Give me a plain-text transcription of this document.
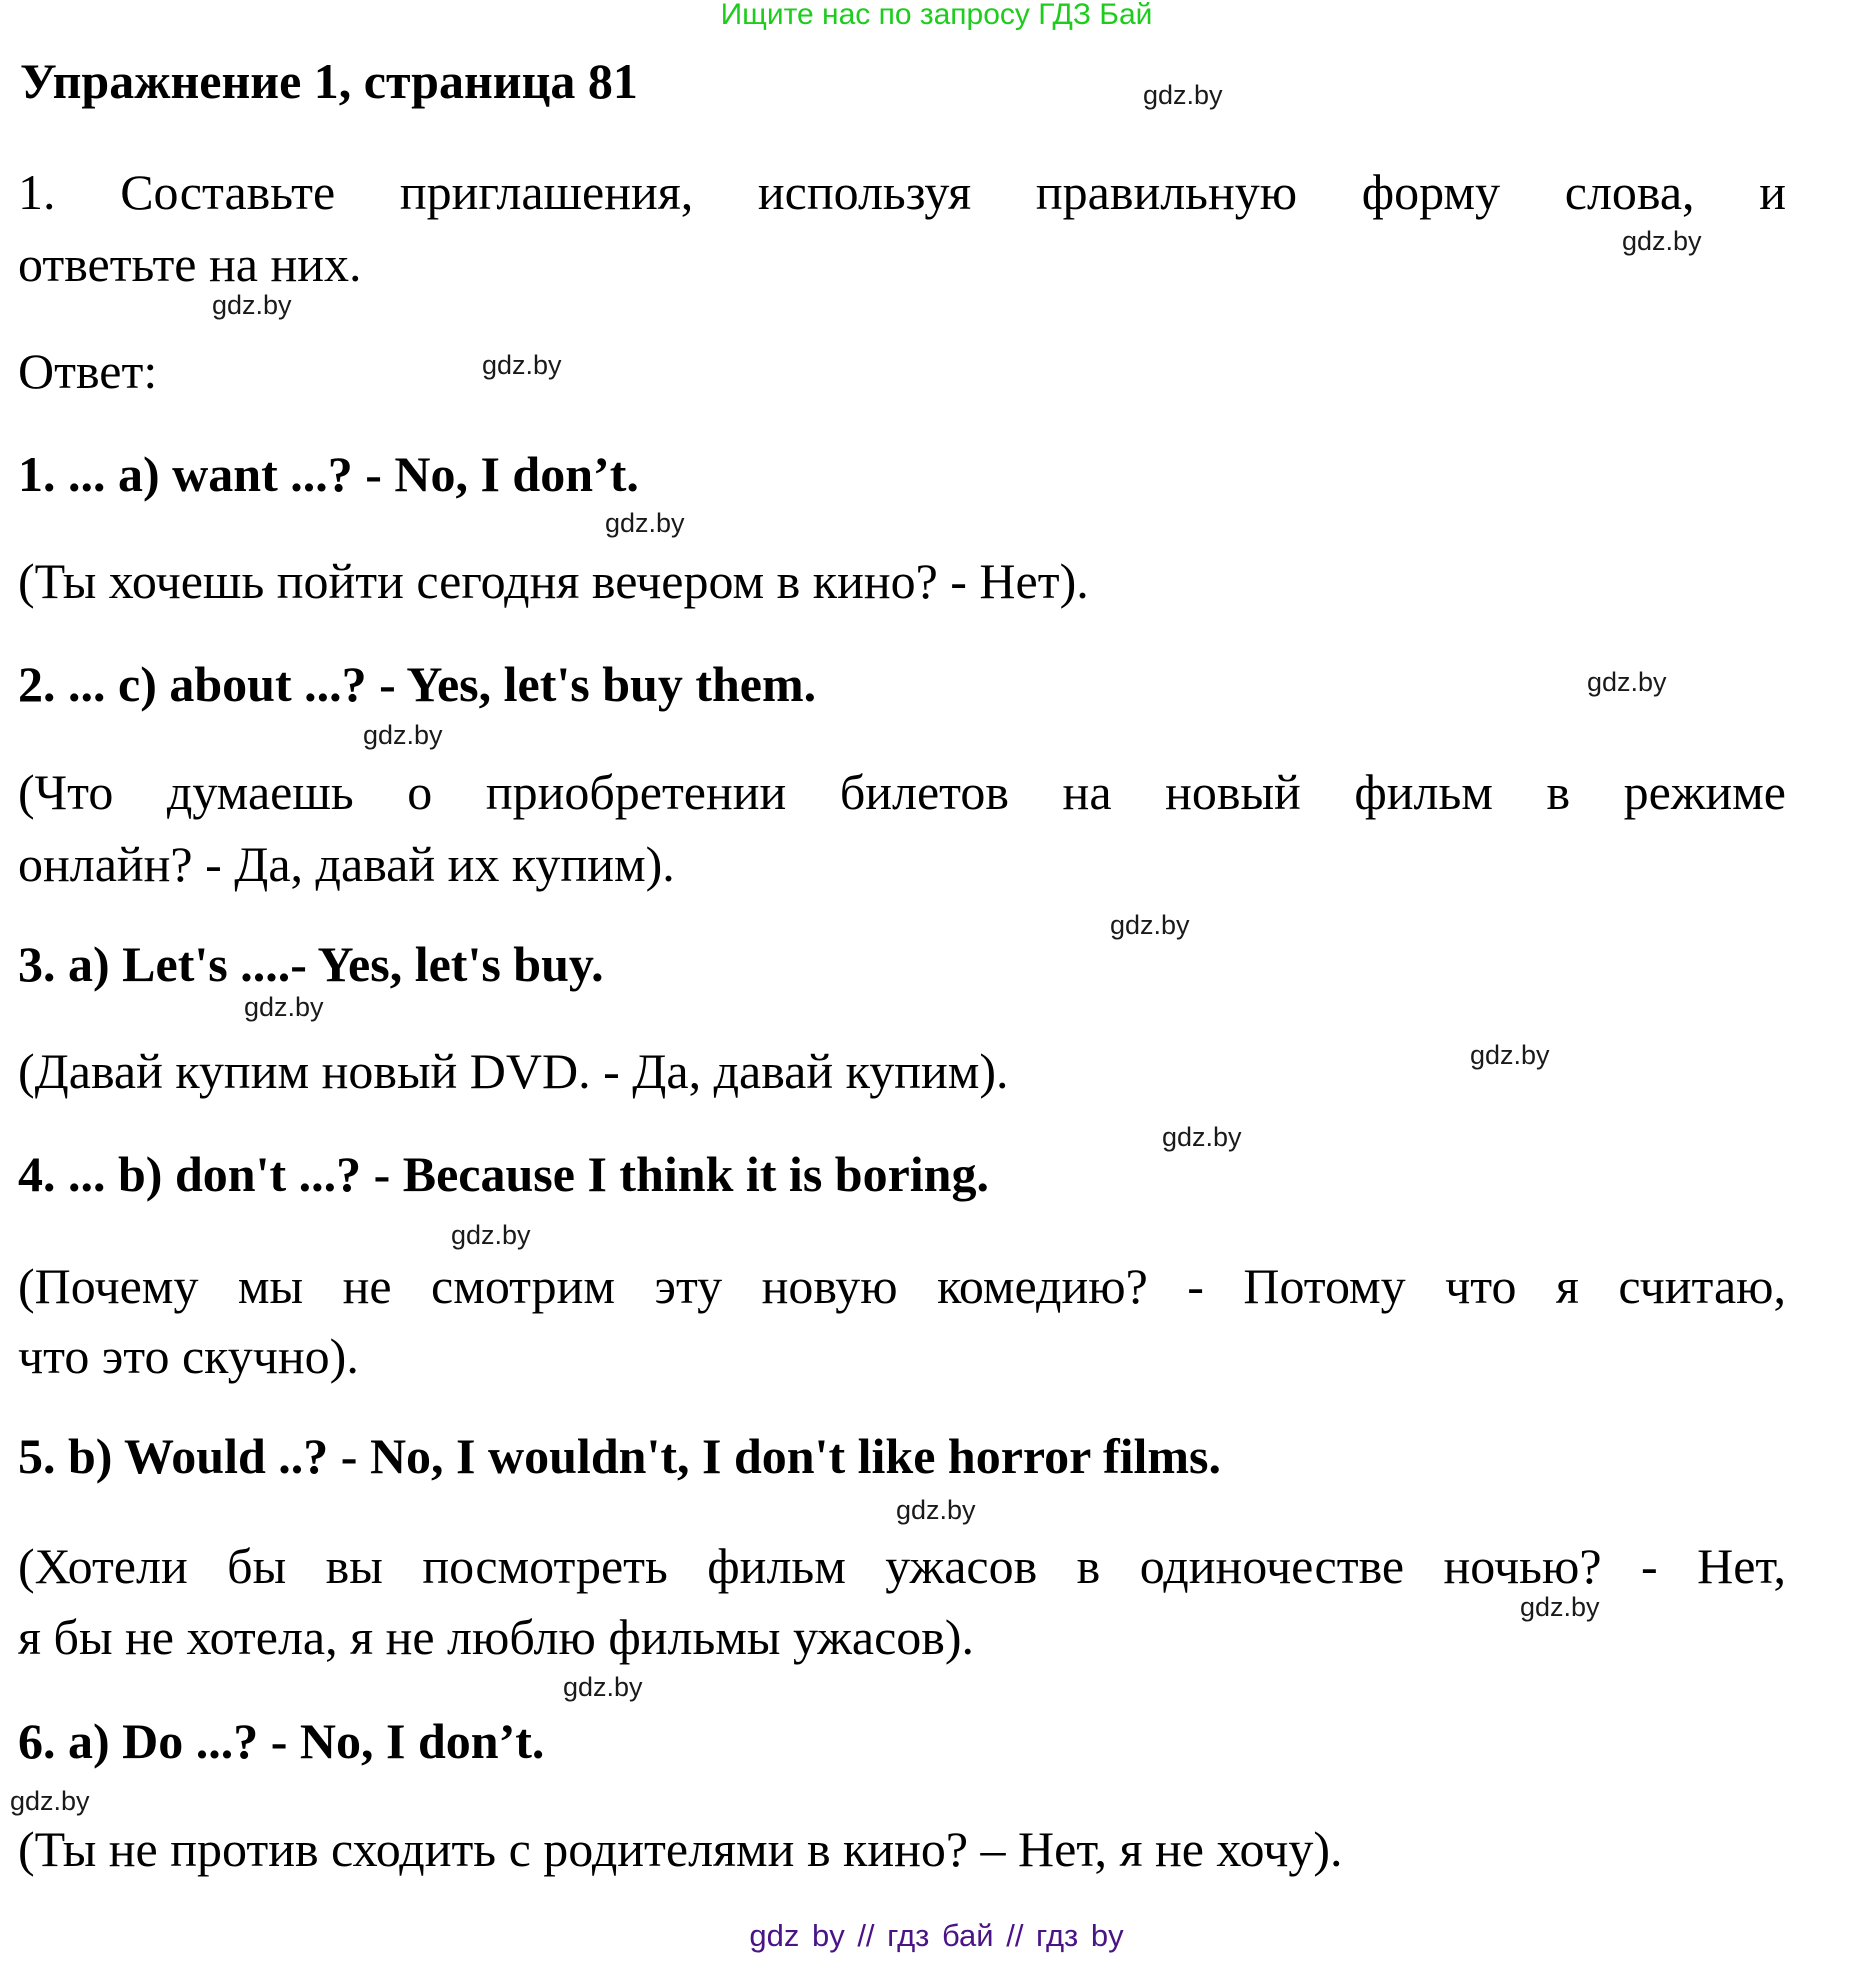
Ищите нас по запросу ГДЗ Бай
Упражнение 1, страница 81	gdz.by
1. Составьте приглашения, используя правильную форму слова, и
gdz.by
ответьте на них.
gdz.by
Ответ:	gdz.by
1. ... a) want ...? - No, I don’t.
gdz.by
(Ты хочешь пойти сегодня вечером в кино? - Нет).
2. ... c) about ...? - Yes, let's buy them.	gdz.by
gdz.by
(Что думаешь о приобретении билетов на новый фильм в режиме
онлайн? - Да, давай их купим).
gdz.by
3. a) Let's ....- Yes, let's buy.
gdz.by
gdz.by
(Давай купим новый DVD. - Да, давай купим).
gdz.by
4. ... b) don't ...? - Because I think it is boring.
gdz.by
(Почему мы не смотрим эту новую комедию? - Потому что я считаю,
что это скучно).
5. b) Would ..? - No, I wouldn't, I don't like horror films.
gdz.by
(Хотели бы вы посмотреть фильм ужасов в одиночестве ночью? - Нет,
gdz.by
я бы не хотела, я не люблю фильмы ужасов).
gdz.by
6. a) Do ...? - No, I don’t.
gdz.by
(Ты не против сходить с родителями в кино? – Нет, я не хочу).
gdz by // гдз бай // гдз by
